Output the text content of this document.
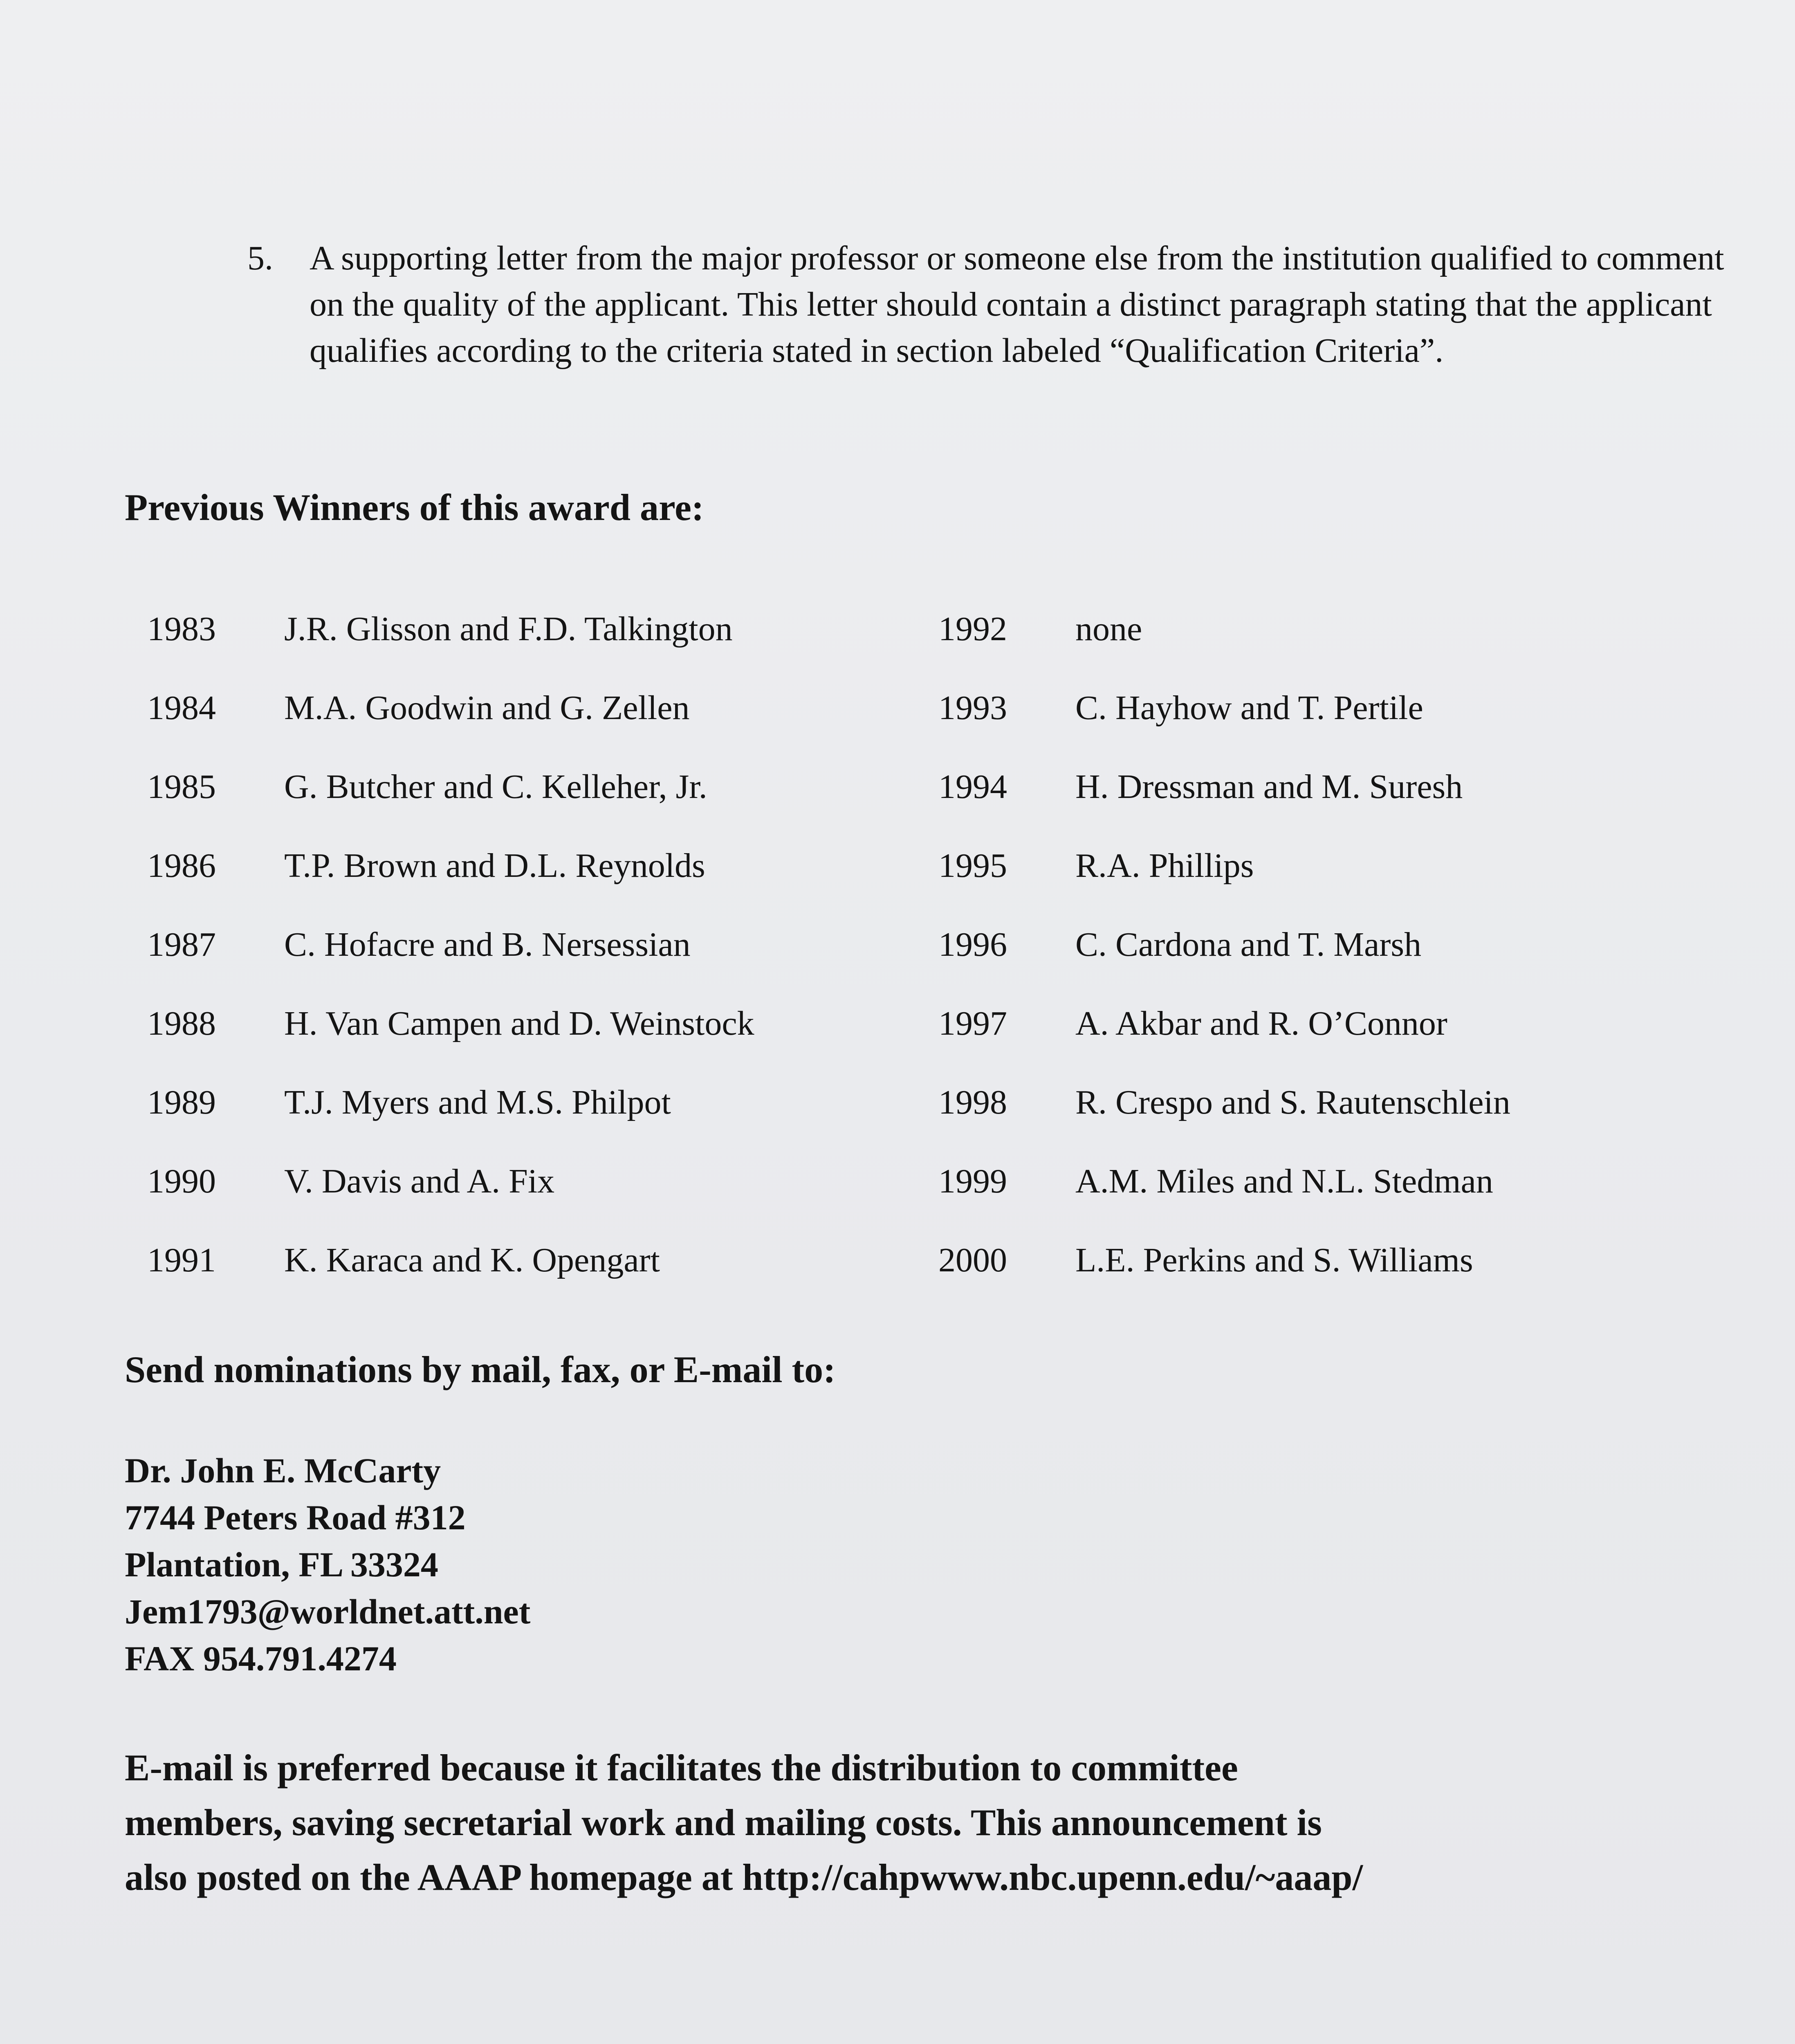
5.	A supporting letter from the major professor or someone else from the institution qualified to comment on the quality of the applicant. This letter should contain a distinct paragraph stating that the applicant qualifies according to the criteria stated in section labeled “Qualification Criteria”.
Previous Winners of this award are:
1983 J.R. Glisson and F.D. Talkington	1992 none
1984 M.A. Goodwin and G. Zellen	1993 C. Hayhow and T. Pertile
1985 G. Butcher and C. Kelleher, Jr.	1994 H. Dressman and M. Suresh
1986 T.P. Brown and D.L. Reynolds	1995 R.A. Phillips
1987 C. Hofacre and B. Nersessian	1996 C. Cardona and T. Marsh
1988 H. Van Campen and D. Weinstock	1997 A. Akbar and R. O’Connor
1989 T.J. Myers and M.S. Philpot	1998 R. Crespo and S. Rautenschlein
1990 V. Davis and A. Fix	1999 A.M. Miles and N.L. Stedman
1991 K. Karaca and K. Opengart	2000 L.E. Perkins and S. Williams
Send nominations by mail, fax, or E-mail to:
Dr. John E. McCarty
7744 Peters Road #312
Plantation, FL 33324
Jem1793@worldnet.att.net
FAX 954.791.4274
E-mail is preferred because it facilitates the distribution to committee
members, saving secretarial work and mailing costs. This announcement is
also posted on the AAAP homepage at http://cahpwww.nbc.upenn.edu/~aaap/
